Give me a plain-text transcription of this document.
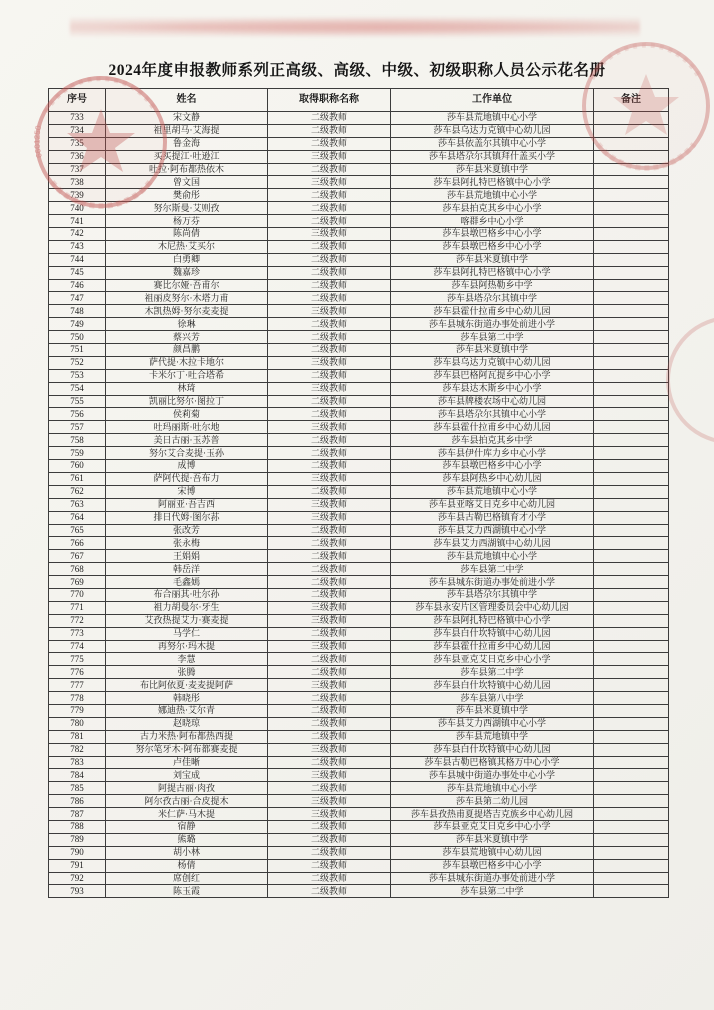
2024年度申报教师系列正高级、高级、中级、初级职称人员公示花名册
序号	姓名	取得职称名称	工作单位	备注
733	宋文静	二级教师	莎车县荒地镇中心小学	
734	祖里胡马·艾海提	二级教师	莎车县乌达力克镇中心幼儿园	
735	鲁金海	二级教师	莎车县依盖尔其镇中心小学	
736	买买提江·吐逊江	三级教师	莎车县塔尕尔其镇拜什盖买小学	
737	吐拉·阿布都热依木	二级教师	莎车县米夏镇中学	
738	曾文国	三级教师	莎车县阿扎特巴格镇中心小学	
739	樊俞彤	二级教师	莎车县荒地镇中心小学	
740	努尔斯曼·艾则孜	二级教师	莎车县拍克其乡中心小学	
741	杨万芬	二级教师	喀群乡中心小学	
742	陈尚倩	三级教师	莎车县墩巴格乡中心小学	
743	木尼热·艾买尔	二级教师	莎车县墩巴格乡中心小学	
744	白勇卿	二级教师	莎车县米夏镇中学	
745	魏嘉珍	二级教师	莎车县阿扎特巴格镇中心小学	
746	赛比尔娅·吾甫尔	二级教师	莎车县阿热勒乡中学	
747	祖丽皮努尔·木塔力甫	二级教师	莎车县塔尕尔其镇中学	
748	木凯热姆·努尔麦麦提	三级教师	莎车县霍什拉甫乡中心幼儿园	
749	徐琳	二级教师	莎车县城东街道办事处前进小学	
750	蔡兴芳	二级教师	莎车县第二中学	
751	颜昌鹏	二级教师	莎车县米夏镇中学	
752	萨代提·木拉卡地尔	三级教师	莎车县乌达力克镇中心幼儿园	
753	卡米尔丁·吐合塔希	二级教师	莎车县巴格阿瓦提乡中心小学	
754	林琦	三级教师	莎车县达木斯乡中心小学	
755	凯丽比努尔·图拉丁	二级教师	莎车县牌楼农场中心幼儿园	
756	侯莉菊	二级教师	莎车县塔尕尔其镇中心小学	
757	吐玛丽斯·吐尔地	三级教师	莎车县霍什拉甫乡中心幼儿园	
758	美日古丽·玉苏普	二级教师	莎车县拍克其乡中学	
759	努尔艾合麦提·玉孙	二级教师	莎车县伊什库力乡中心小学	
760	成博	二级教师	莎车县墩巴格乡中心小学	
761	萨阿代提·吾布力	三级教师	莎车县阿热乡中心幼儿园	
762	宋博	二级教师	莎车县荒地镇中心小学	
763	阿丽亚·吾吉西	三级教师	莎车县亚喀艾日克乡中心幼儿园	
764	排日代姆·图尔荪	三级教师	莎车县古勒巴格镇育才小学	
765	张改芳	二级教师	莎车县艾力西湖镇中心小学	
766	张永梅	二级教师	莎车县艾力西湖镇中心幼儿园	
767	王娟娟	二级教师	莎车县荒地镇中心小学	
768	韩岳洋	二级教师	莎车县第二中学	
769	毛鑫嫣	二级教师	莎车县城东街道办事处前进小学	
770	布合丽其·吐尔孙	二级教师	莎车县塔尕尔其镇中学	
771	祖力胡曼尔·牙生	三级教师	莎车县永安片区管理委员会中心幼儿园	
772	艾孜热提艾力·赛麦提	三级教师	莎车县阿扎特巴格镇中心小学	
773	马学仁	二级教师	莎车县白什坎特镇中心幼儿园	
774	再努尔·玛木提	三级教师	莎车县霍什拉甫乡中心幼儿园	
775	李慧	二级教师	莎车县亚克艾日克乡中心小学	
776	张腾	二级教师	莎车县第二中学	
777	布比阿依夏·麦麦提阿萨	三级教师	莎车县白什坎特镇中心幼儿园	
778	韩晓彤	二级教师	莎车县第八中学	
779	娜迪热·艾尔青	二级教师	莎车县米夏镇中学	
780	赵晓琼	二级教师	莎车县艾力西湖镇中心小学	
781	古力米热·阿布都热西提	二级教师	莎车县荒地镇中学	
782	努尔笔牙木·阿布都赛麦提	三级教师	莎车县白什坎特镇中心幼儿园	
783	卢佳晰	二级教师	莎车县古勒巴格镇其格万中心小学	
784	刘宝成	三级教师	莎车县城中街道办事处中心小学	
785	阿提古丽·肉孜	二级教师	莎车县荒地镇中心小学	
786	阿尔孜古丽·合皮提木	三级教师	莎车县第二幼儿园	
787	米仁萨·马木提	三级教师	莎车县孜热甫夏提塔吉克族乡中心幼儿园	
788	宿静	二级教师	莎车县亚克艾日克乡中心小学	
789	熊璐	二级教师	莎车县米夏镇中学	
790	胡小林	二级教师	莎车县荒地镇中心幼儿园	
791	杨倩	二级教师	莎车县墩巴格乡中心小学	
792	席创红	二级教师	莎车县城东街道办事处前进小学	
793	陈玉霞	二级教师	莎车县第二中学	
6601250
